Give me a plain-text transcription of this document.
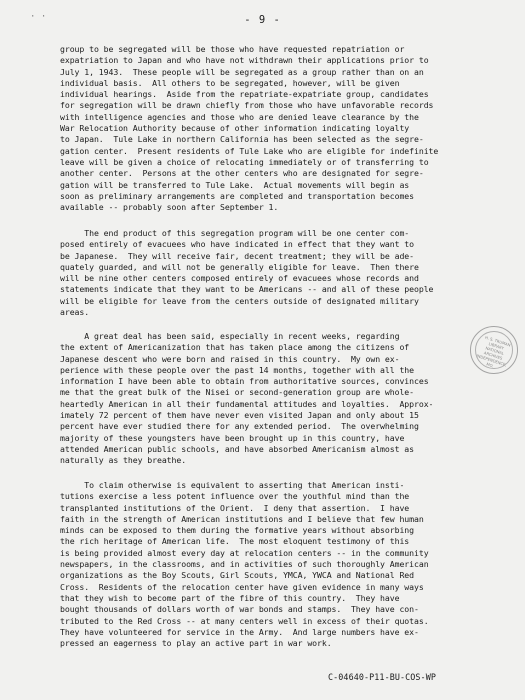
· ·	- 9 -
group to be segregated will be those who have requested repatriation or
expatriation to Japan and who have not withdrawn their applications prior to
July 1, 1943.  These people will be segregated as a group rather than on an
individual basis.  All others to be segregated, however, will be given
individual hearings.  Aside from the repatriate-expatriate group, candidates
for segregation will be drawn chiefly from those who have unfavorable records
with intelligence agencies and those who are denied leave clearance by the
War Relocation Authority because of other information indicating loyalty
to Japan.  Tule Lake in northern California has been selected as the segre-
gation center.  Present residents of Tule Lake who are eligible for indefinite
leave will be given a choice of relocating immediately or of transferring to
another center.  Persons at the other centers who are designated for segre-
gation will be transferred to Tule Lake.  Actual movements will begin as
soon as preliminary arrangements are completed and transportation becomes
available -- probably soon after September 1.
The end product of this segregation program will be one center com-
posed entirely of evacuees who have indicated in effect that they want to
be Japanese.  They will receive fair, decent treatment; they will be ade-
quately guarded, and will not be generally eligible for leave.  Then there
will be nine other centers composed entirely of evacuees whose records and
statements indicate that they want to be Americans -- and all of these people
will be eligible for leave from the centers outside of designated military
areas.
A great deal has been said, especially in recent weeks, regarding
the extent of Americanization that has taken place among the citizens of
Japanese descent who were born and raised in this country.  My own ex-
perience with these people over the past 14 months, together with all the
information I have been able to obtain from authoritative sources, convinces
me that the great bulk of the Nisei or second-generation group are whole-
heartedly American in all their fundamental attitudes and loyalties.  Approx-
imately 72 percent of them have never even visited Japan and only about 15
percent have ever studied there for any extended period.  The overwhelming
majority of these youngsters have been brought up in this country, have
attended American public schools, and have absorbed Americanism almost as
naturally as they breathe.
To claim otherwise is equivalent to asserting that American insti-
tutions exercise a less potent influence over the youthful mind than the
transplanted institutions of the Orient.  I deny that assertion.  I have
faith in the strength of American institutions and I believe that few human
minds can be exposed to them during the formative years without absorbing
the rich heritage of American life.  The most eloquent testimony of this
is being provided almost every day at relocation centers -- in the community
newspapers, in the classrooms, and in activities of such thoroughly American
organizations as the Boy Scouts, Girl Scouts, YMCA, YWCA and National Red
Cross.  Residents of the relocation center have given evidence in many ways
that they wish to become part of the fibre of this country.  They have
bought thousands of dollars worth of war bonds and stamps.  They have con-
tributed to the Red Cross -- at many centers well in excess of their quotas.
They have volunteered for service in the Army.  And large numbers have ex-
pressed an eagerness to play an active part in war work.
H. S. TRUMAN LIBRARY
NATIONAL ARCHIVES
INDEPENDENCE, MO.
C-04640-P11-BU-COS-WP
